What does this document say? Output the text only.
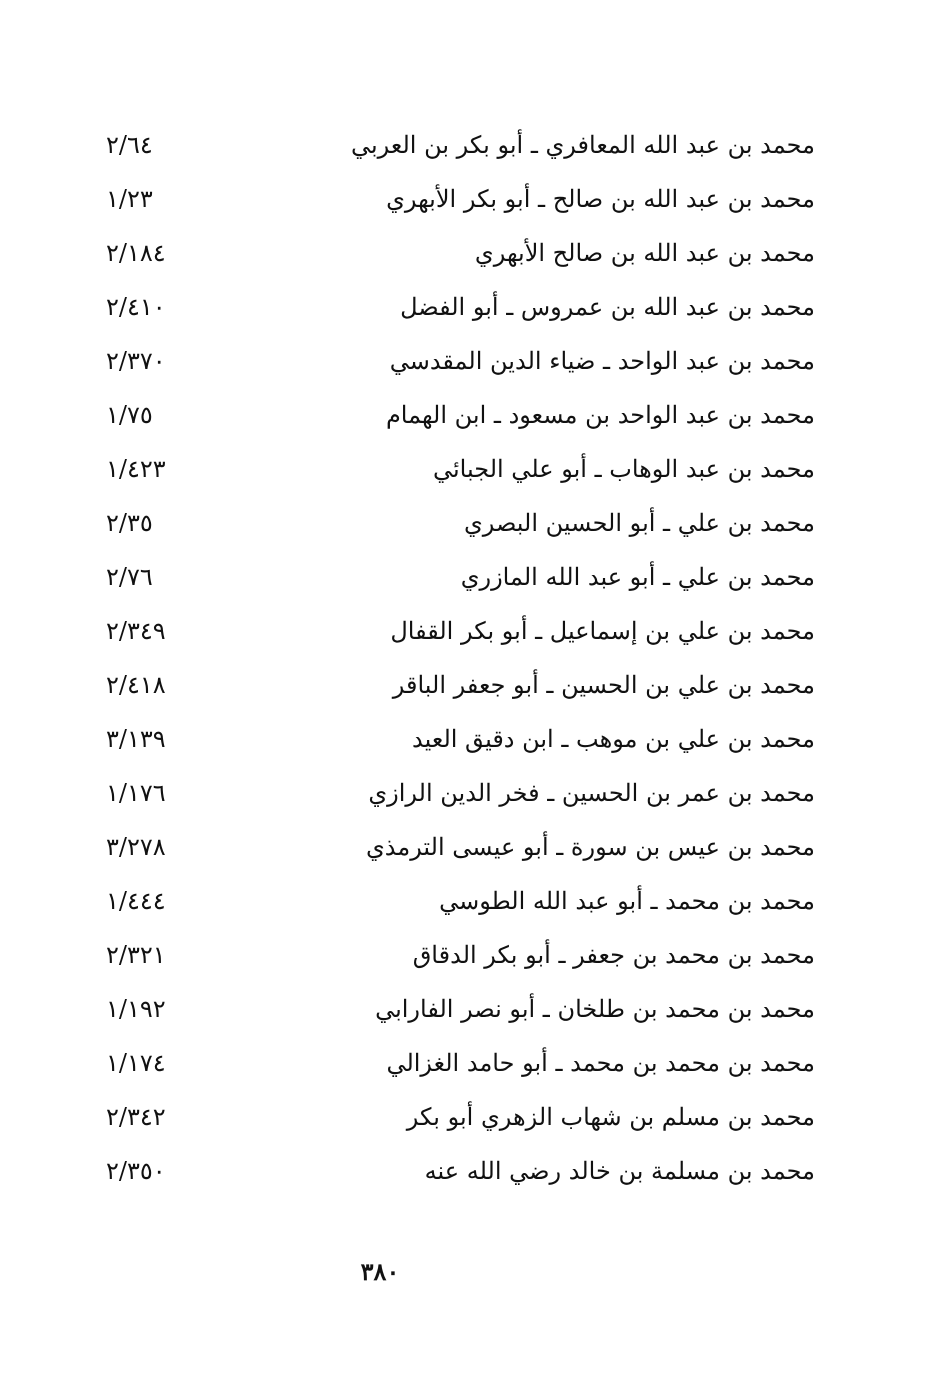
محمد بن عبد الله المعافري ـ أبو بكر بن العربي
٢/٦٤
محمد بن عبد الله بن صالح ـ أبو بكر الأبهري
١/٢٣
محمد بن عبد الله بن صالح الأبهري
٢/١٨٤
محمد بن عبد الله بن عمروس ـ أبو الفضل
٢/٤١٠
محمد بن عبد الواحد ـ ضياء الدين المقدسي
٢/٣٧٠
محمد بن عبد الواحد بن مسعود ـ ابن الهمام
١/٧٥
محمد بن عبد الوهاب ـ أبو علي الجبائي
١/٤٢٣
محمد بن علي ـ أبو الحسين البصري
٢/٣٥
محمد بن علي ـ أبو عبد الله المازري
٢/٧٦
محمد بن علي بن إسماعيل ـ أبو بكر القفال
٢/٣٤٩
محمد بن علي بن الحسين ـ أبو جعفر الباقر
٢/٤١٨
محمد بن علي بن موهب ـ ابن دقيق العيد
٣/١٣٩
محمد بن عمر بن الحسين ـ فخر الدين الرازي
١/١٧٦
محمد بن عيس بن سورة ـ أبو عيسى الترمذي
٣/٢٧٨
محمد بن محمد ـ أبو عبد الله الطوسي
١/٤٤٤
محمد بن محمد بن جعفر ـ أبو بكر الدقاق
٢/٣٢١
محمد بن محمد بن طلخان ـ أبو نصر الفارابي
١/١٩٢
محمد بن محمد بن محمد ـ أبو حامد الغزالي
١/١٧٤
محمد بن مسلم بن شهاب الزهري أبو بكر
٢/٣٤٢
محمد بن مسلمة بن خالد رضي الله عنه
٢/٣٥٠
٣٨٠
